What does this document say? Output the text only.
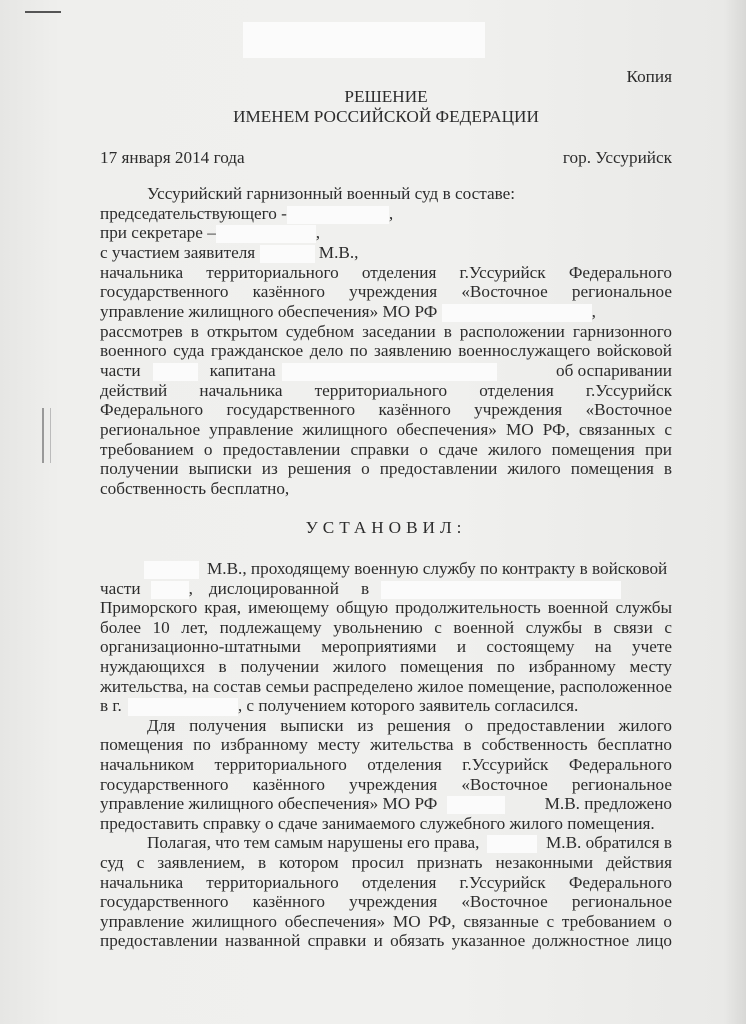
Копия
РЕШЕНИЕ
ИМЕНЕМ РОССИЙСКОЙ ФЕДЕРАЦИИ
17 января 2014 года	гор. Уссурийск
Уссурийский гарнизонный военный суд в составе:
председательствующего -	,
при секретаре –	,
с участием заявителя	М.В.,
начальника территориального отделения г.Уссурийск Федерального
государственного казённого учреждения «Восточное региональное
управление жилищного обеспечения» МО РФ	,
рассмотрев в открытом судебном заседании в расположении гарнизонного
военного суда гражданское дело по заявлению военнослужащего войсковой
части	капитана	об оспаривании
действий начальника территориального отделения г.Уссурийск
Федерального государственного казённого учреждения «Восточное
региональное управление жилищного обеспечения» МО РФ, связанных с
требованием о предоставлении справки о сдаче жилого помещения при
получении выписки из решения о предоставлении жилого помещения в
собственность бесплатно,
УСТАНОВИЛ:
М.В., проходящему военную службу по контракту в войсковой
части	, дислоцированной в
Приморского края, имеющему общую продолжительность военной службы
более 10 лет, подлежащему увольнению с военной службы в связи с
организационно-штатными мероприятиями и состоящему на учете
нуждающихся в получении жилого помещения по избранному месту
жительства, на состав семьи распределено жилое помещение, расположенное
в г.	, с получением которого заявитель согласился.
Для получения выписки из решения о предоставлении жилого
помещения по избранному месту жительства в собственность бесплатно
начальником территориального отделения г.Уссурийск Федерального
государственного казённого учреждения «Восточное региональное
управление жилищного обеспечения» МО РФ	М.В. предложено
предоставить справку о сдаче занимаемого служебного жилого помещения.
Полагая, что тем самым нарушены его права,	М.В. обратился в
суд с заявлением, в котором просил признать незаконными действия
начальника территориального отделения г.Уссурийск Федерального
государственного казённого учреждения «Восточное региональное
управление жилищного обеспечения» МО РФ, связанные с требованием о
предоставлении названной справки и обязать указанное должностное лицо
